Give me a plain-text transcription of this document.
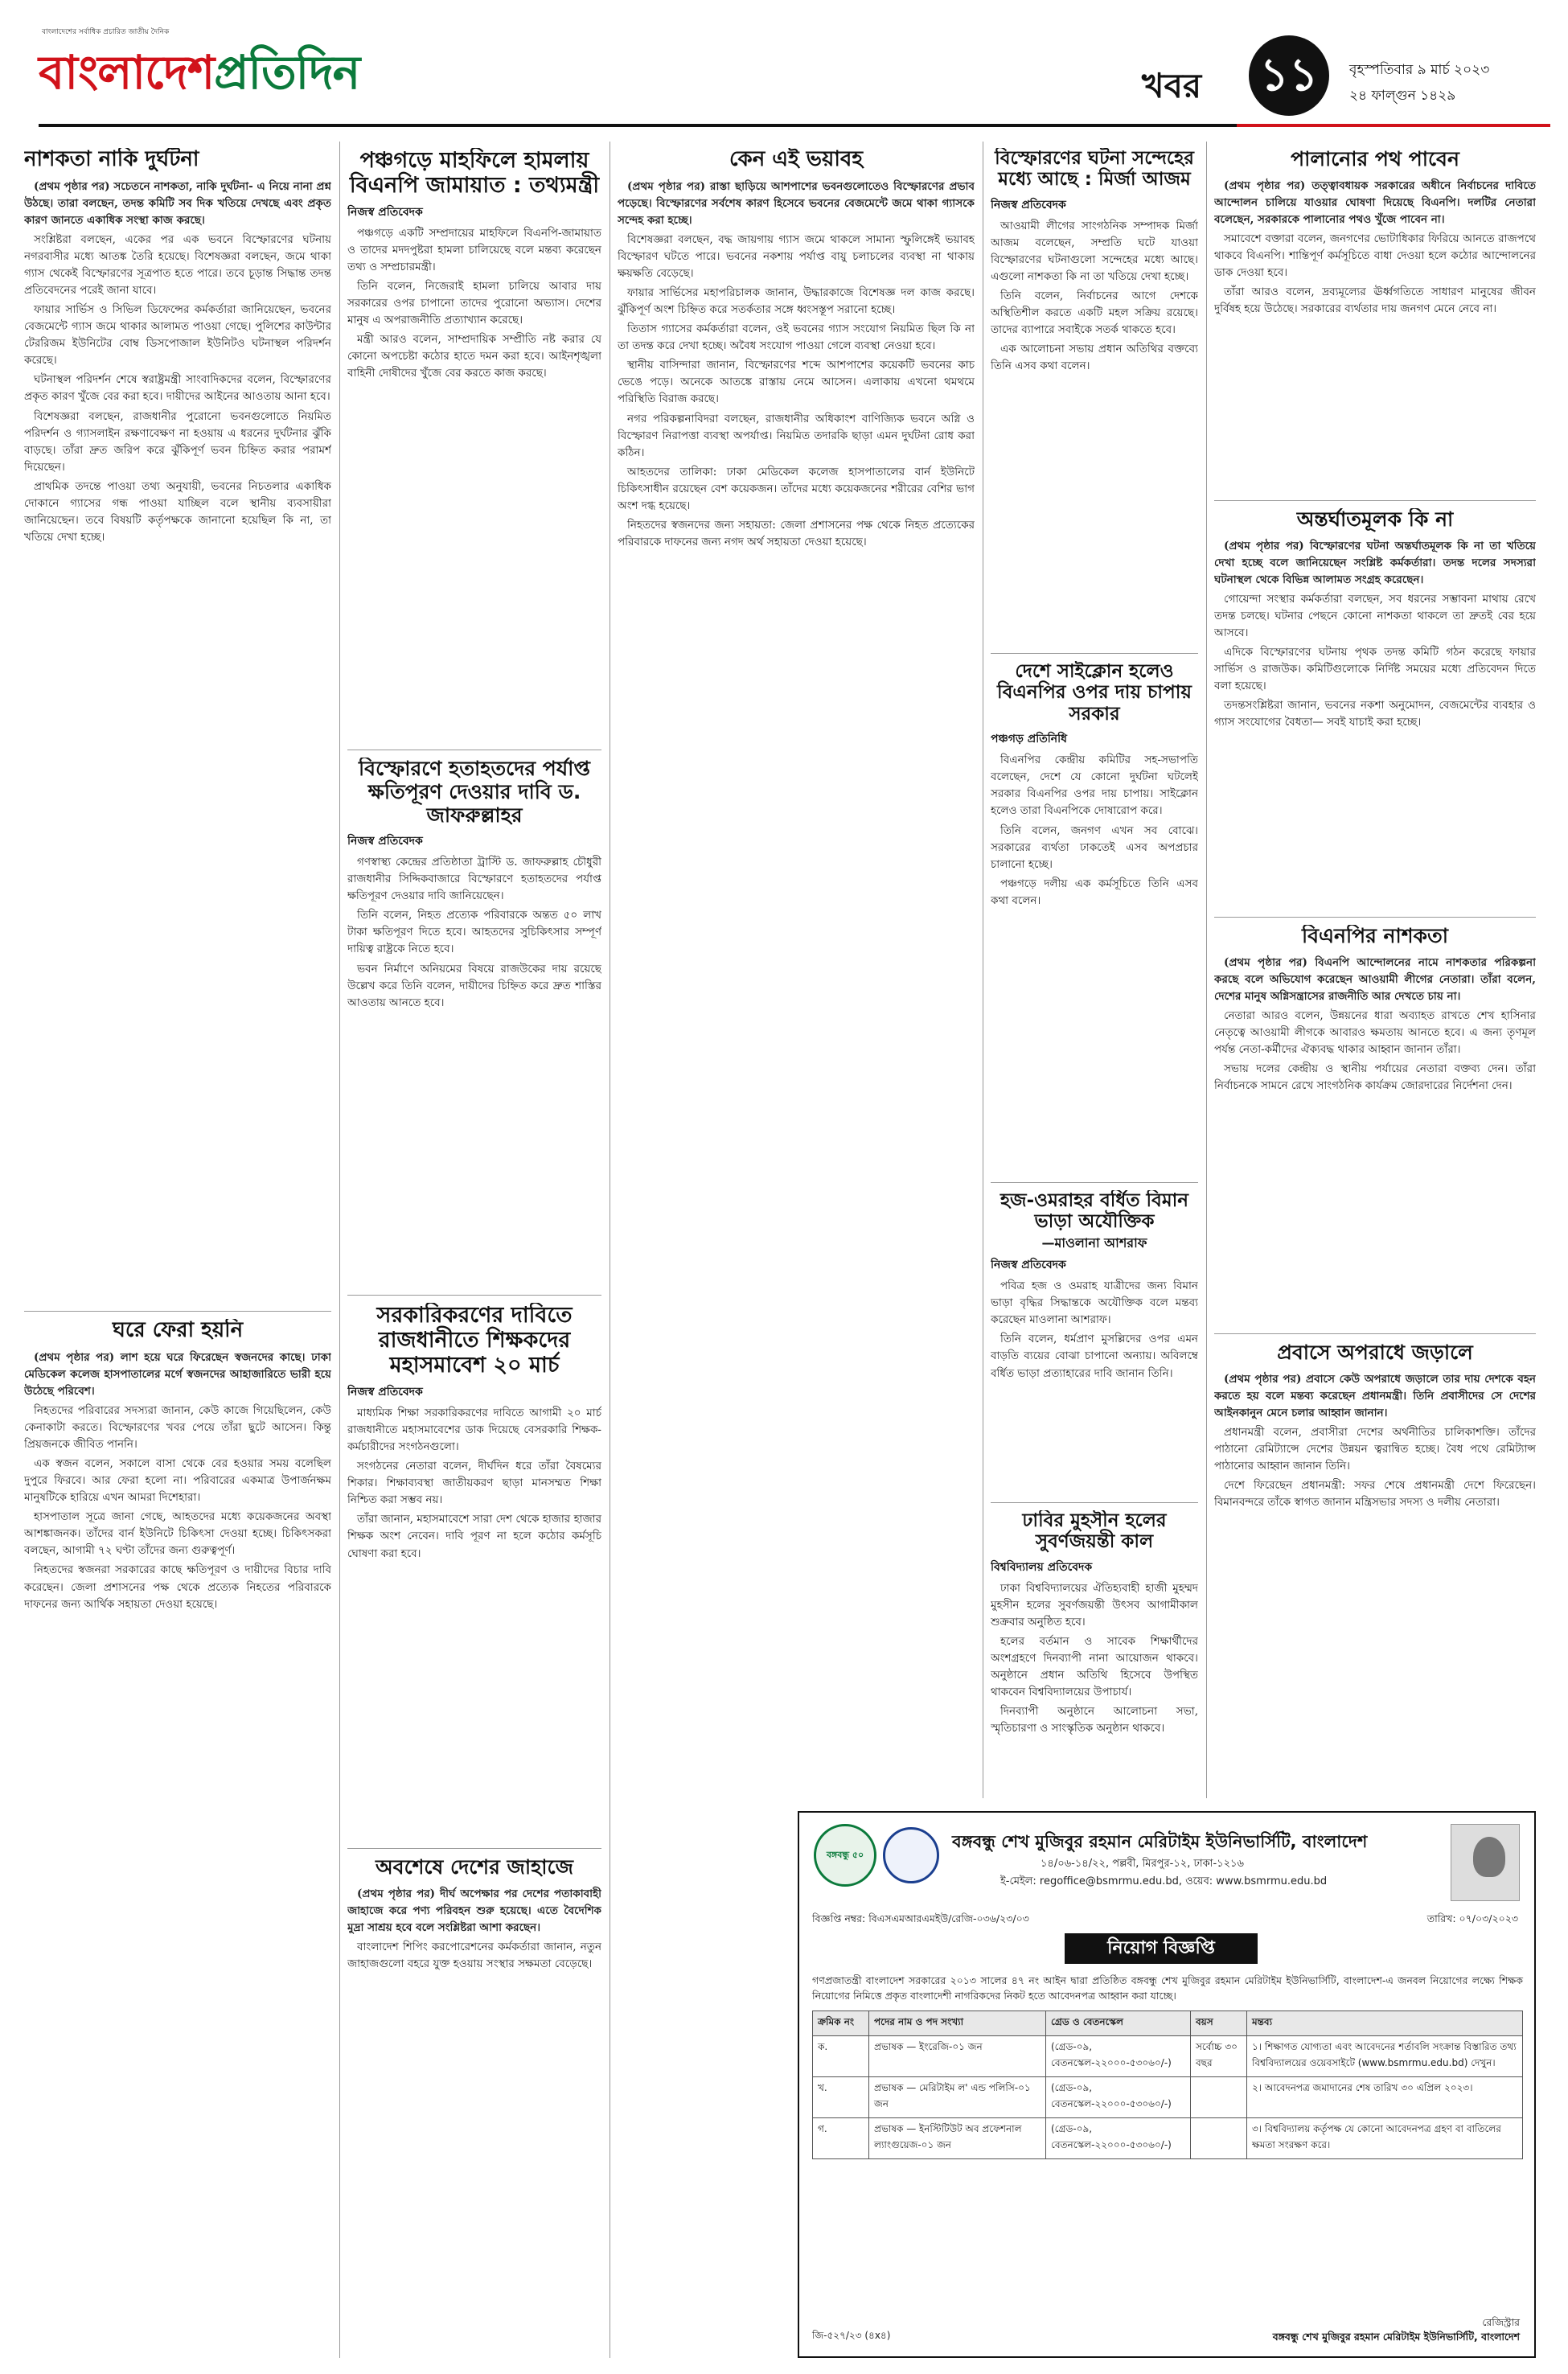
বাংলাদেশের সর্বাধিক প্রচারিত জাতীয় দৈনিক
বাংলাদেশপ্রতিদিন	খবর ১১	বৃহস্পতিবার ৯ মার্চ ২০২৩
২৪ ফাল্গুন ১৪২৯
নাশকতা নাকি দুর্ঘটনা

(প্রথম পৃষ্ঠার পর) সচেতনে নাশকতা, নাকি দুর্ঘটনা- এ নিয়ে নানা প্রশ্ন উঠছে। তারা বলছেন, তদন্ত কমিটি সব দিক খতিয়ে দেখছে এবং প্রকৃত কারণ জানতে একাধিক সংস্থা কাজ করছে।

সংশ্লিষ্টরা বলছেন, একের পর এক ভবনে বিস্ফোরণের ঘটনায় নগরবাসীর মধ্যে আতঙ্ক তৈরি হয়েছে। বিশেষজ্ঞরা বলছেন, জমে থাকা গ্যাস থেকেই বিস্ফোরণের সূত্রপাত হতে পারে। তবে চূড়ান্ত সিদ্ধান্ত তদন্ত প্রতিবেদনের পরেই জানা যাবে।

ফায়ার সার্ভিস ও সিভিল ডিফেন্সের কর্মকর্তারা জানিয়েছেন, ভবনের বেজমেন্টে গ্যাস জমে থাকার আলামত পাওয়া গেছে। পুলিশের কাউন্টার টেররিজম ইউনিটের বোম্ব ডিসপোজাল ইউনিটও ঘটনাস্থল পরিদর্শন করেছে।

ঘটনাস্থল পরিদর্শন শেষে স্বরাষ্ট্রমন্ত্রী সাংবাদিকদের বলেন, বিস্ফোরণের প্রকৃত কারণ খুঁজে বের করা হবে। দায়ীদের আইনের আওতায় আনা হবে।

বিশেষজ্ঞরা বলছেন, রাজধানীর পুরোনো ভবনগুলোতে নিয়মিত পরিদর্শন ও গ্যাসলাইন রক্ষণাবেক্ষণ না হওয়ায় এ ধরনের দুর্ঘটনার ঝুঁকি বাড়ছে। তাঁরা দ্রুত জরিপ করে ঝুঁকিপূর্ণ ভবন চিহ্নিত করার পরামর্শ দিয়েছেন।

প্রাথমিক তদন্তে পাওয়া তথ্য অনুযায়ী, ভবনের নিচতলার একাধিক দোকানে গ্যাসের গন্ধ পাওয়া যাচ্ছিল বলে স্থানীয় ব্যবসায়ীরা জানিয়েছেন। তবে বিষয়টি কর্তৃপক্ষকে জানানো হয়েছিল কি না, তা খতিয়ে দেখা হচ্ছে।

ঘরে ফেরা হয়নি

(প্রথম পৃষ্ঠার পর) লাশ হয়ে ঘরে ফিরেছেন স্বজনদের কাছে। ঢাকা মেডিকেল কলেজ হাসপাতালের মর্গে স্বজনদের আহাজারিতে ভারী হয়ে উঠেছে পরিবেশ।

নিহতদের পরিবারের সদস্যরা জানান, কেউ কাজে গিয়েছিলেন, কেউ কেনাকাটা করতে। বিস্ফোরণের খবর পেয়ে তাঁরা ছুটে আসেন। কিন্তু প্রিয়জনকে জীবিত পাননি।

এক স্বজন বলেন, সকালে বাসা থেকে বের হওয়ার সময় বলেছিল দুপুরে ফিরবে। আর ফেরা হলো না। পরিবারের একমাত্র উপার্জনক্ষম মানুষটিকে হারিয়ে এখন আমরা দিশেহারা।

হাসপাতাল সূত্রে জানা গেছে, আহতদের মধ্যে কয়েকজনের অবস্থা আশঙ্কাজনক। তাঁদের বার্ন ইউনিটে চিকিৎসা দেওয়া হচ্ছে। চিকিৎসকরা বলছেন, আগামী ৭২ ঘণ্টা তাঁদের জন্য গুরুত্বপূর্ণ।

নিহতদের স্বজনরা সরকারের কাছে ক্ষতিপূরণ ও দায়ীদের বিচার দাবি করেছেন। জেলা প্রশাসনের পক্ষ থেকে প্রত্যেক নিহতের পরিবারকে দাফনের জন্য আর্থিক সহায়তা দেওয়া হয়েছে।

পঞ্চগড়ে মাহফিলে হামলায় বিএনপি জামায়াত : তথ্যমন্ত্রী
নিজস্ব প্রতিবেদক

পঞ্চগড়ে একটি সম্প্রদায়ের মাহফিলে বিএনপি-জামায়াত ও তাদের মদদপুষ্টরা হামলা চালিয়েছে বলে মন্তব্য করেছেন তথ্য ও সম্প্রচারমন্ত্রী।

তিনি বলেন, নিজেরাই হামলা চালিয়ে আবার দায় সরকারের ওপর চাপানো তাদের পুরোনো অভ্যাস। দেশের মানুষ এ অপরাজনীতি প্রত্যাখ্যান করেছে।

মন্ত্রী আরও বলেন, সাম্প্রদায়িক সম্প্রীতি নষ্ট করার যে কোনো অপচেষ্টা কঠোর হাতে দমন করা হবে। আইনশৃঙ্খলা বাহিনী দোষীদের খুঁজে বের করতে কাজ করছে।

বিস্ফোরণে হতাহতদের পর্যাপ্ত ক্ষতিপূরণ দেওয়ার দাবি ড. জাফরুল্লাহর
নিজস্ব প্রতিবেদক

গণস্বাস্থ্য কেন্দ্রের প্রতিষ্ঠাতা ট্রাস্টি ড. জাফরুল্লাহ চৌধুরী রাজধানীর সিদ্দিকবাজারে বিস্ফোরণে হতাহতদের পর্যাপ্ত ক্ষতিপূরণ দেওয়ার দাবি জানিয়েছেন।

তিনি বলেন, নিহত প্রত্যেক পরিবারকে অন্তত ৫০ লাখ টাকা ক্ষতিপূরণ দিতে হবে। আহতদের সুচিকিৎসার সম্পূর্ণ দায়িত্ব রাষ্ট্রকে নিতে হবে।

ভবন নির্মাণে অনিয়মের বিষয়ে রাজউকের দায় রয়েছে উল্লেখ করে তিনি বলেন, দায়ীদের চিহ্নিত করে দ্রুত শাস্তির আওতায় আনতে হবে।

সরকারিকরণের দাবিতে রাজধানীতে শিক্ষকদের মহাসমাবেশ ২০ মার্চ
নিজস্ব প্রতিবেদক

মাধ্যমিক শিক্ষা সরকারিকরণের দাবিতে আগামী ২০ মার্চ রাজধানীতে মহাসমাবেশের ডাক দিয়েছে বেসরকারি শিক্ষক-কর্মচারীদের সংগঠনগুলো।

সংগঠনের নেতারা বলেন, দীর্ঘদিন ধরে তাঁরা বৈষম্যের শিকার। শিক্ষাব্যবস্থা জাতীয়করণ ছাড়া মানসম্মত শিক্ষা নিশ্চিত করা সম্ভব নয়।

তাঁরা জানান, মহাসমাবেশে সারা দেশ থেকে হাজার হাজার শিক্ষক অংশ নেবেন। দাবি পূরণ না হলে কঠোর কর্মসূচি ঘোষণা করা হবে।

অবশেষে দেশের জাহাজে

(প্রথম পৃষ্ঠার পর) দীর্ঘ অপেক্ষার পর দেশের পতাকাবাহী জাহাজে করে পণ্য পরিবহন শুরু হয়েছে। এতে বৈদেশিক মুদ্রা সাশ্রয় হবে বলে সংশ্লিষ্টরা আশা করছেন।

বাংলাদেশ শিপিং করপোরেশনের কর্মকর্তারা জানান, নতুন জাহাজগুলো বহরে যুক্ত হওয়ায় সংস্থার সক্ষমতা বেড়েছে।

কেন এই ভয়াবহ

(প্রথম পৃষ্ঠার পর) রাস্তা ছাড়িয়ে আশপাশের ভবনগুলোতেও বিস্ফোরণের প্রভাব পড়েছে। বিস্ফোরণের সর্বশেষ কারণ হিসেবে ভবনের বেজমেন্টে জমে থাকা গ্যাসকে সন্দেহ করা হচ্ছে।

বিশেষজ্ঞরা বলছেন, বদ্ধ জায়গায় গ্যাস জমে থাকলে সামান্য স্ফুলিঙ্গেই ভয়াবহ বিস্ফোরণ ঘটতে পারে। ভবনের নকশায় পর্যাপ্ত বায়ু চলাচলের ব্যবস্থা না থাকায় ক্ষয়ক্ষতি বেড়েছে।

ফায়ার সার্ভিসের মহাপরিচালক জানান, উদ্ধারকাজে বিশেষজ্ঞ দল কাজ করছে। ঝুঁকিপূর্ণ অংশ চিহ্নিত করে সতর্কতার সঙ্গে ধ্বংসস্তূপ সরানো হচ্ছে।

তিতাস গ্যাসের কর্মকর্তারা বলেন, ওই ভবনের গ্যাস সংযোগ নিয়মিত ছিল কি না তা তদন্ত করে দেখা হচ্ছে। অবৈধ সংযোগ পাওয়া গেলে ব্যবস্থা নেওয়া হবে।

স্থানীয় বাসিন্দারা জানান, বিস্ফোরণের শব্দে আশপাশের কয়েকটি ভবনের কাচ ভেঙে পড়ে। অনেকে আতঙ্কে রাস্তায় নেমে আসেন। এলাকায় এখনো থমথমে পরিস্থিতি বিরাজ করছে।

নগর পরিকল্পনাবিদরা বলছেন, রাজধানীর অধিকাংশ বাণিজ্যিক ভবনে অগ্নি ও বিস্ফোরণ নিরাপত্তা ব্যবস্থা অপর্যাপ্ত। নিয়মিত তদারকি ছাড়া এমন দুর্ঘটনা রোধ করা কঠিন।

আহতদের তালিকা: ঢাকা মেডিকেল কলেজ হাসপাতালের বার্ন ইউনিটে চিকিৎসাধীন রয়েছেন বেশ কয়েকজন। তাঁদের মধ্যে কয়েকজনের শরীরের বেশির ভাগ অংশ দগ্ধ হয়েছে।

নিহতদের স্বজনদের জন্য সহায়তা: জেলা প্রশাসনের পক্ষ থেকে নিহত প্রত্যেকের পরিবারকে দাফনের জন্য নগদ অর্থ সহায়তা দেওয়া হয়েছে।

বিস্ফোরণের ঘটনা সন্দেহের মধ্যে আছে : মির্জা আজম
নিজস্ব প্রতিবেদক

আওয়ামী লীগের সাংগঠনিক সম্পাদক মির্জা আজম বলেছেন, সম্প্রতি ঘটে যাওয়া বিস্ফোরণের ঘটনাগুলো সন্দেহের মধ্যে আছে। এগুলো নাশকতা কি না তা খতিয়ে দেখা হচ্ছে।

তিনি বলেন, নির্বাচনের আগে দেশকে অস্থিতিশীল করতে একটি মহল সক্রিয় রয়েছে। তাদের ব্যাপারে সবাইকে সতর্ক থাকতে হবে।

এক আলোচনা সভায় প্রধান অতিথির বক্তব্যে তিনি এসব কথা বলেন।

দেশে সাইক্লোন হলেও বিএনপির ওপর দায় চাপায় সরকার
পঞ্চগড় প্রতিনিধি

বিএনপির কেন্দ্রীয় কমিটির সহ-সভাপতি বলেছেন, দেশে যে কোনো দুর্ঘটনা ঘটলেই সরকার বিএনপির ওপর দায় চাপায়। সাইক্লোন হলেও তারা বিএনপিকে দোষারোপ করে।

তিনি বলেন, জনগণ এখন সব বোঝে। সরকারের ব্যর্থতা ঢাকতেই এসব অপপ্রচার চালানো হচ্ছে।

পঞ্চগড়ে দলীয় এক কর্মসূচিতে তিনি এসব কথা বলেন।

হজ-ওমরাহর বর্ধিত বিমান ভাড়া অযৌক্তিক
—মাওলানা আশরাফ
নিজস্ব প্রতিবেদক

পবিত্র হজ ও ওমরাহ যাত্রীদের জন্য বিমান ভাড়া বৃদ্ধির সিদ্ধান্তকে অযৌক্তিক বলে মন্তব্য করেছেন মাওলানা আশরাফ।

তিনি বলেন, ধর্মপ্রাণ মুসল্লিদের ওপর এমন বাড়তি ব্যয়ের বোঝা চাপানো অন্যায়। অবিলম্বে বর্ধিত ভাড়া প্রত্যাহারের দাবি জানান তিনি।

ঢাবির মুহসীন হলের সুবর্ণজয়ন্তী কাল
বিশ্ববিদ্যালয় প্রতিবেদক

ঢাকা বিশ্ববিদ্যালয়ের ঐতিহ্যবাহী হাজী মুহম্মদ মুহসীন হলের সুবর্ণজয়ন্তী উৎসব আগামীকাল শুক্রবার অনুষ্ঠিত হবে।

হলের বর্তমান ও সাবেক শিক্ষার্থীদের অংশগ্রহণে দিনব্যাপী নানা আয়োজন থাকবে। অনুষ্ঠানে প্রধান অতিথি হিসেবে উপস্থিত থাকবেন বিশ্ববিদ্যালয়ের উপাচার্য।

দিনব্যাপী অনুষ্ঠানে আলোচনা সভা, স্মৃতিচারণা ও সাংস্কৃতিক অনুষ্ঠান থাকবে।

পালানোর পথ পাবেন

(প্রথম পৃষ্ঠার পর) তত্ত্বাবধায়ক সরকারের অধীনে নির্বাচনের দাবিতে আন্দোলন চালিয়ে যাওয়ার ঘোষণা দিয়েছে বিএনপি। দলটির নেতারা বলেছেন, সরকারকে পালানোর পথও খুঁজে পাবেন না।

সমাবেশে বক্তারা বলেন, জনগণের ভোটাধিকার ফিরিয়ে আনতে রাজপথে থাকবে বিএনপি। শান্তিপূর্ণ কর্মসূচিতে বাধা দেওয়া হলে কঠোর আন্দোলনের ডাক দেওয়া হবে।

তাঁরা আরও বলেন, দ্রব্যমূল্যের ঊর্ধ্বগতিতে সাধারণ মানুষের জীবন দুর্বিষহ হয়ে উঠেছে। সরকারের ব্যর্থতার দায় জনগণ মেনে নেবে না।

অন্তর্ঘাতমূলক কি না

(প্রথম পৃষ্ঠার পর) বিস্ফোরণের ঘটনা অন্তর্ঘাতমূলক কি না তা খতিয়ে দেখা হচ্ছে বলে জানিয়েছেন সংশ্লিষ্ট কর্মকর্তারা। তদন্ত দলের সদস্যরা ঘটনাস্থল থেকে বিভিন্ন আলামত সংগ্রহ করেছেন।

গোয়েন্দা সংস্থার কর্মকর্তারা বলছেন, সব ধরনের সম্ভাবনা মাথায় রেখে তদন্ত চলছে। ঘটনার পেছনে কোনো নাশকতা থাকলে তা দ্রুতই বের হয়ে আসবে।

এদিকে বিস্ফোরণের ঘটনায় পৃথক তদন্ত কমিটি গঠন করেছে ফায়ার সার্ভিস ও রাজউক। কমিটিগুলোকে নির্দিষ্ট সময়ের মধ্যে প্রতিবেদন দিতে বলা হয়েছে।

তদন্তসংশ্লিষ্টরা জানান, ভবনের নকশা অনুমোদন, বেজমেন্টের ব্যবহার ও গ্যাস সংযোগের বৈধতা— সবই যাচাই করা হচ্ছে।

বিএনপির নাশকতা

(প্রথম পৃষ্ঠার পর) বিএনপি আন্দোলনের নামে নাশকতার পরিকল্পনা করছে বলে অভিযোগ করেছেন আওয়ামী লীগের নেতারা। তাঁরা বলেন, দেশের মানুষ অগ্নিসন্ত্রাসের রাজনীতি আর দেখতে চায় না।

নেতারা আরও বলেন, উন্নয়নের ধারা অব্যাহত রাখতে শেখ হাসিনার নেতৃত্বে আওয়ামী লীগকে আবারও ক্ষমতায় আনতে হবে। এ জন্য তৃণমূল পর্যন্ত নেতা-কর্মীদের ঐক্যবদ্ধ থাকার আহ্বান জানান তাঁরা।

সভায় দলের কেন্দ্রীয় ও স্থানীয় পর্যায়ের নেতারা বক্তব্য দেন। তাঁরা নির্বাচনকে সামনে রেখে সাংগঠনিক কার্যক্রম জোরদারের নির্দেশনা দেন।

প্রবাসে অপরাধে জড়ালে

(প্রথম পৃষ্ঠার পর) প্রবাসে কেউ অপরাধে জড়ালে তার দায় দেশকে বহন করতে হয় বলে মন্তব্য করেছেন প্রধানমন্ত্রী। তিনি প্রবাসীদের সে দেশের আইনকানুন মেনে চলার আহ্বান জানান।

প্রধানমন্ত্রী বলেন, প্রবাসীরা দেশের অর্থনীতির চালিকাশক্তি। তাঁদের পাঠানো রেমিট্যান্সে দেশের উন্নয়ন ত্বরান্বিত হচ্ছে। বৈধ পথে রেমিট্যান্স পাঠানোর আহ্বান জানান তিনি।

দেশে ফিরেছেন প্রধানমন্ত্রী: সফর শেষে প্রধানমন্ত্রী দেশে ফিরেছেন। বিমানবন্দরে তাঁকে স্বাগত জানান মন্ত্রিসভার সদস্য ও দলীয় নেতারা।

বঙ্গবন্ধু ৫০
বঙ্গবন্ধু শেখ মুজিবুর রহমান মেরিটাইম ইউনিভার্সিটি, বাংলাদেশ
১৪/০৬-১৪/২২, পল্লবী, মিরপুর-১২, ঢাকা-১২১৬
ই-মেইল: regoffice@bsmrmu.edu.bd, ওয়েব: www.bsmrmu.edu.bd
বিজ্ঞপ্তি নম্বর: বিএসএমআরএমইউ/রেজি-০৩৬/২৩/০৩	তারিখ: ০৭/০৩/২০২৩
নিয়োগ বিজ্ঞপ্তি
গণপ্রজাতন্ত্রী বাংলাদেশ সরকারের ২০১৩ সালের ৪৭ নং আইন দ্বারা প্রতিষ্ঠিত বঙ্গবন্ধু শেখ মুজিবুর রহমান মেরিটাইম ইউনিভার্সিটি, বাংলাদেশ-এ জনবল নিয়োগের লক্ষ্যে শিক্ষক নিয়োগের নিমিত্তে প্রকৃত বাংলাদেশী নাগরিকদের নিকট হতে আবেদনপত্র আহ্বান করা যাচ্ছে।
ক্রমিক নং	পদের নাম ও পদ সংখ্যা	গ্রেড ও বেতনস্কেল	বয়স	মন্তব্য
ক.	প্রভাষক — ইংরেজি-০১ জন	(গ্রেড-০৯, বেতনস্কেল-২২০০০-৫৩০৬০/-)	সর্বোচ্চ ৩০ বছর	১। শিক্ষাগত যোগ্যতা এবং আবেদনের শর্তাবলি সংক্রান্ত বিস্তারিত তথ্য বিশ্ববিদ্যালয়ের ওয়েবসাইটে (www.bsmrmu.edu.bd) দেখুন।
খ.	প্রভাষক — মেরিটাইম ল' এন্ড পলিসি-০১ জন	(গ্রেড-০৯, বেতনস্কেল-২২০০০-৫৩০৬০/-)		২। আবেদনপত্র জমাদানের শেষ তারিখ ৩০ এপ্রিল ২০২৩।
গ.	প্রভাষক — ইনস্টিটিউট অব প্রফেশনাল ল্যাংগুয়েজ-০১ জন	(গ্রেড-০৯, বেতনস্কেল-২২০০০-৫৩০৬০/-)		৩। বিশ্ববিদ্যালয় কর্তৃপক্ষ যে কোনো আবেদনপত্র গ্রহণ বা বাতিলের ক্ষমতা সংরক্ষণ করে।
জি-৫২৭/২৩ (৪x৪)
রেজিস্ট্রার
বঙ্গবন্ধু শেখ মুজিবুর রহমান মেরিটাইম ইউনিভার্সিটি, বাংলাদেশ
